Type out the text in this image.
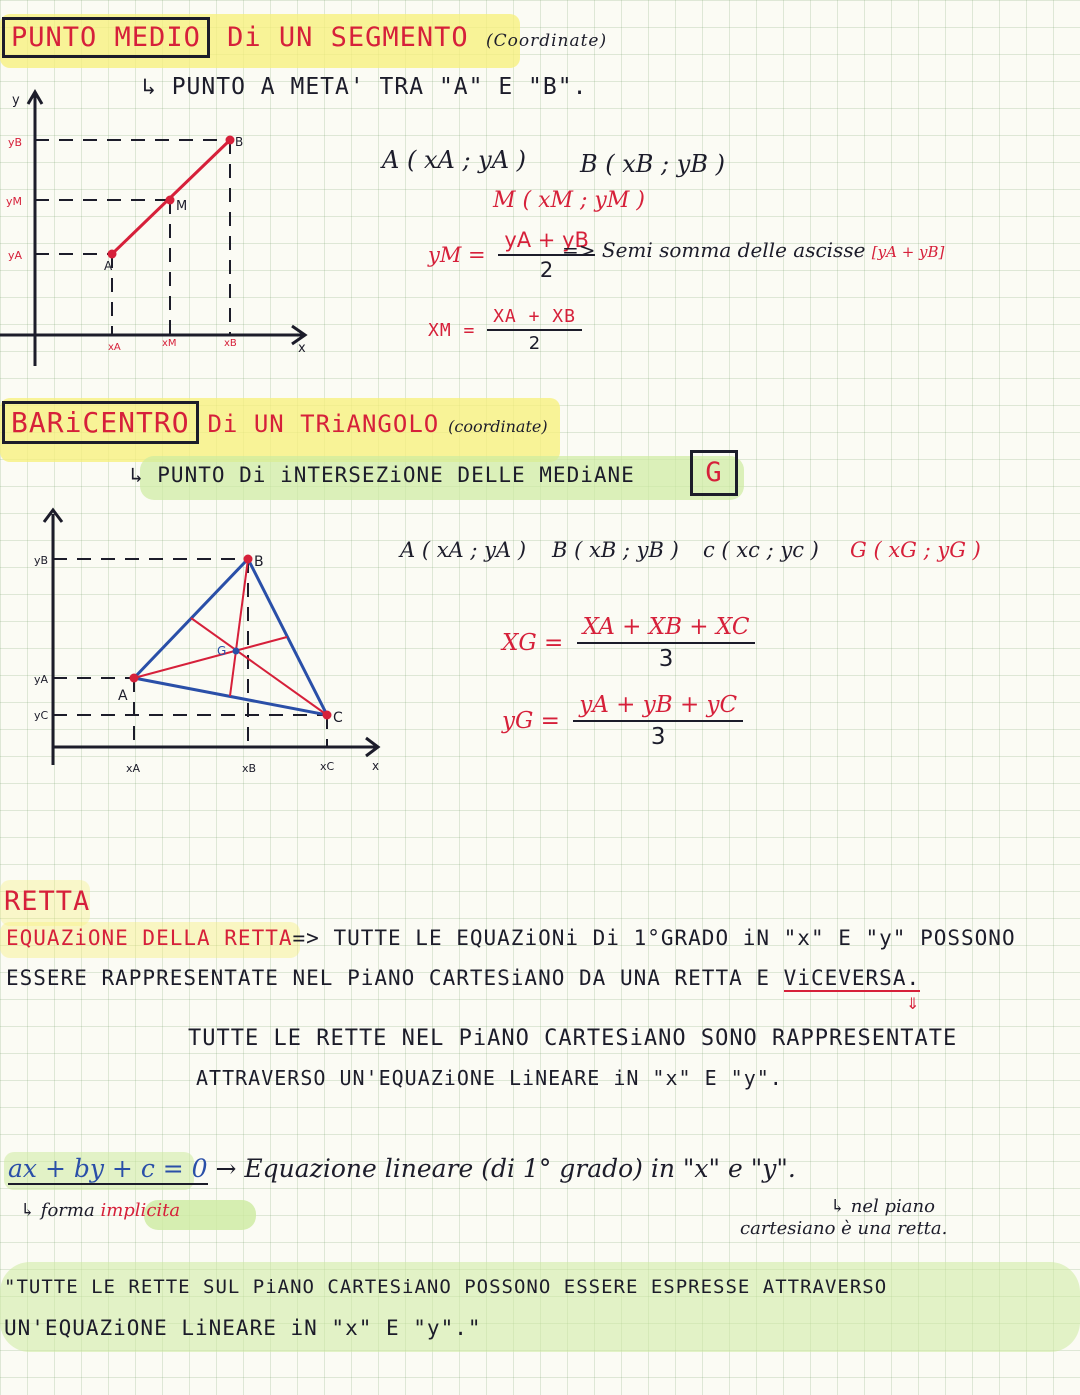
PUNTO MEDIO Di UN SEGMENTO (Coordinate)
↳ PUNTO A META' TRA "A" E "B".
y
x
A
M
B
yB
yM
yA
xA	xM	xB
A ( xA ; yA ) B ( xB ; yB )
M ( xM ; yM )
yM = $\frac{yA + yB}{2}$
=> Semi somma delle ascisse [yA + yB]
XM = $\frac{XA + XB}{2}$
BARiCENTRO Di UN TRiANGOLO (coordinate)
↳ PUNTO Di iNTERSEZiONE DELLE MEDiANE	G
x
A
B
C
G
yB
yA
yC
xA	xB	xC
A ( xA ; yA ) B ( xB ; yB ) c ( xc ; yc ) G ( xG ; yG )
XG = $\frac{XA + XB + XC}{3}$
yG = $\frac{yA + yB + yC}{3}$
RETTA
EQUAZiONE DELLA RETTA=> TUTTE LE EQUAZiONi Di 1°GRADO iN "x" E "y" POSSONO
ESSERE RAPPRESENTATE NEL PiANO CARTESiANO DA UNA RETTA E ViCEVERSA.
⇓
TUTTE LE RETTE NEL PiANO CARTESiANO SONO RAPPRESENTATE
ATTRAVERSO UN'EQUAZiONE LiNEARE iN "x" E "y".
ax + by + c = 0 → Equazione lineare (di 1° grado) in "x" e "y".
↳ forma implicita	↳ nel piano
cartesiano è una retta.
"TUTTE LE RETTE SUL PiANO CARTESiANO POSSONO ESSERE ESPRESSE ATTRAVERSO
UN'EQUAZiONE LiNEARE iN "x" E "y"."
